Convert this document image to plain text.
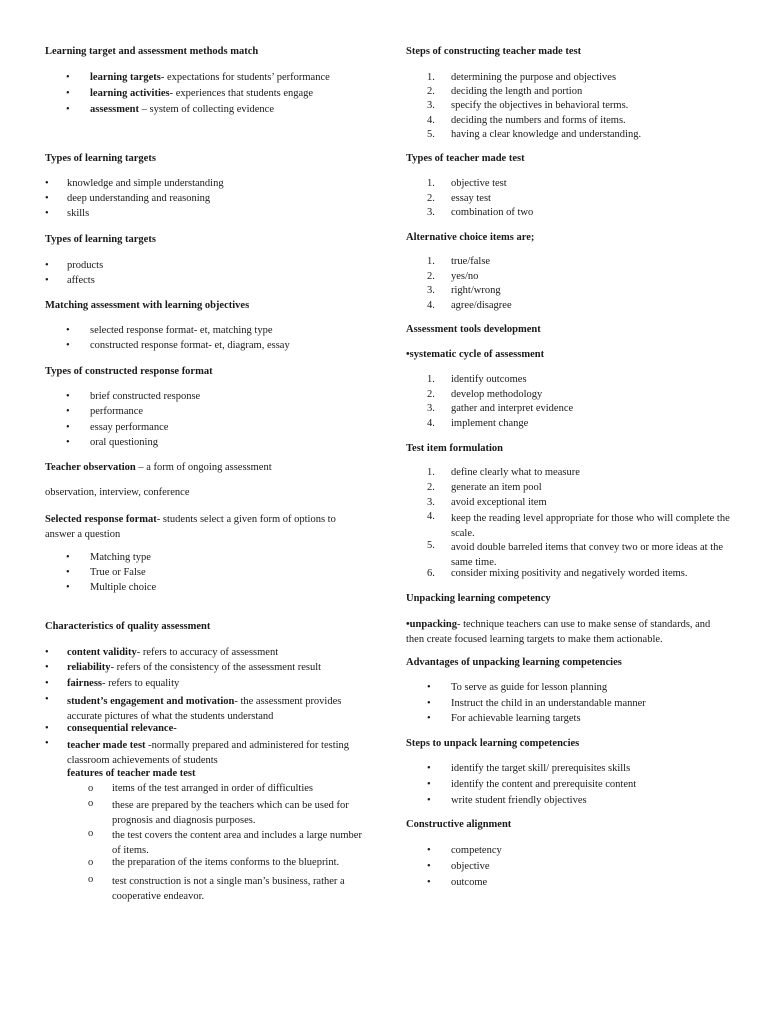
Learning target and assessment methods match
• learning targets- expectations for students’ performance
• learning activities- experiences that students engage
• assessment – system of collecting evidence
Types of learning targets
• knowledge and simple understanding
• deep understanding and reasoning
• skills
Types of learning targets
• products
• affects
Matching assessment with learning objectives
• selected response format- et, matching type
• constructed response format- et, diagram, essay
Types of constructed response format
• brief constructed response
• performance
• essay performance
• oral questioning
Teacher observation – a form of ongoing assessment
observation, interview, conference
Selected response format- students select a given form of options to answer a question
• Matching type
• True or False
• Multiple choice
Characteristics of quality assessment
• content validity- refers to accuracy of assessment
• reliability- refers of the consistency of the assessment result
• fairness- refers to equality
• student’s engagement and motivation- the assessment provides accurate pictures of what the students understand
• consequential relevance-
• teacher made test -normally prepared and administered for testing classroom achievements of students
features of teacher made test
o items of the test arranged in order of difficulties
o these are prepared by the teachers which can be used for prognosis and diagnosis purposes.
o the test covers the content area and includes a large number of items.
o the preparation of the items conforms to the blueprint.
o test construction is not a single man’s business, rather a cooperative endeavor.
Steps of constructing teacher made test
1. determining the purpose and objectives
2. deciding the length and portion
3. specify the objectives in behavioral terms.
4. deciding the numbers and forms of items.
5. having a clear knowledge and understanding.
Types of teacher made test
1. objective test
2. essay test
3. combination of two
Alternative choice items are;
1. true/false
2. yes/no
3. right/wrong
4. agree/disagree
Assessment tools development
•systematic cycle of assessment
1. identify outcomes
2. develop methodology
3. gather and interpret evidence
4. implement change
Test item formulation
1. define clearly what to measure
2. generate an item pool
3. avoid exceptional item
4. keep the reading level appropriate for those who will complete the scale.
5. avoid double barreled items that convey two or more ideas at the same time.
6. consider mixing positivity and negatively worded items.
Unpacking learning competency
•unpacking- technique teachers can use to make sense of standards, and then create focused learning targets to make them actionable.
Advantages of unpacking learning competencies
• To serve as guide for lesson planning
• Instruct the child in an understandable manner
• For achievable learning targets
Steps to unpack learning competencies
• identify the target skill/ prerequisites skills
• identify the content and prerequisite content
• write student friendly objectives
Constructive alignment
• competency
• objective
• outcome
